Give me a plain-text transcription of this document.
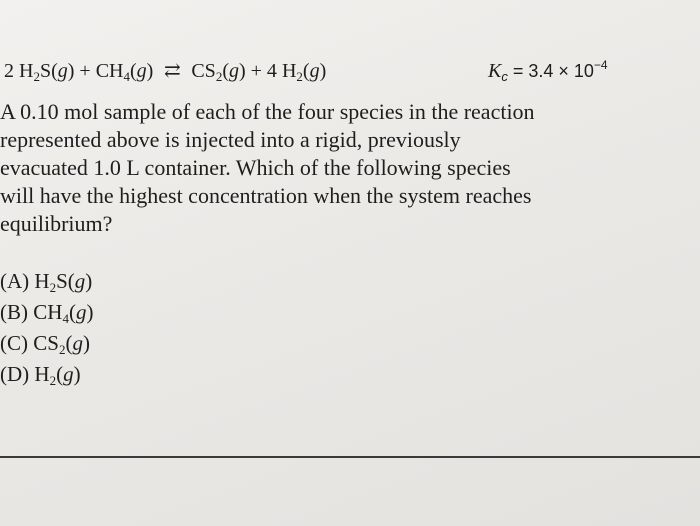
2 $H_2S(g) + CH_4(g)$ ⇄ $CS_2(g) + 4$ $H_2(g)$	$K_c = 3.4 \times 10^{-4}$
A 0.10 mol sample of each of the four species in the reaction
represented above is injected into a rigid, previously
evacuated 1.0 L container. Which of the following species
will have the highest concentration when the system reaches
equilibrium?
(A) $H_2S(g)$
(B) $CH_4(g)$
(C) $CS_2(g)$
(D) $H_2(g)$
